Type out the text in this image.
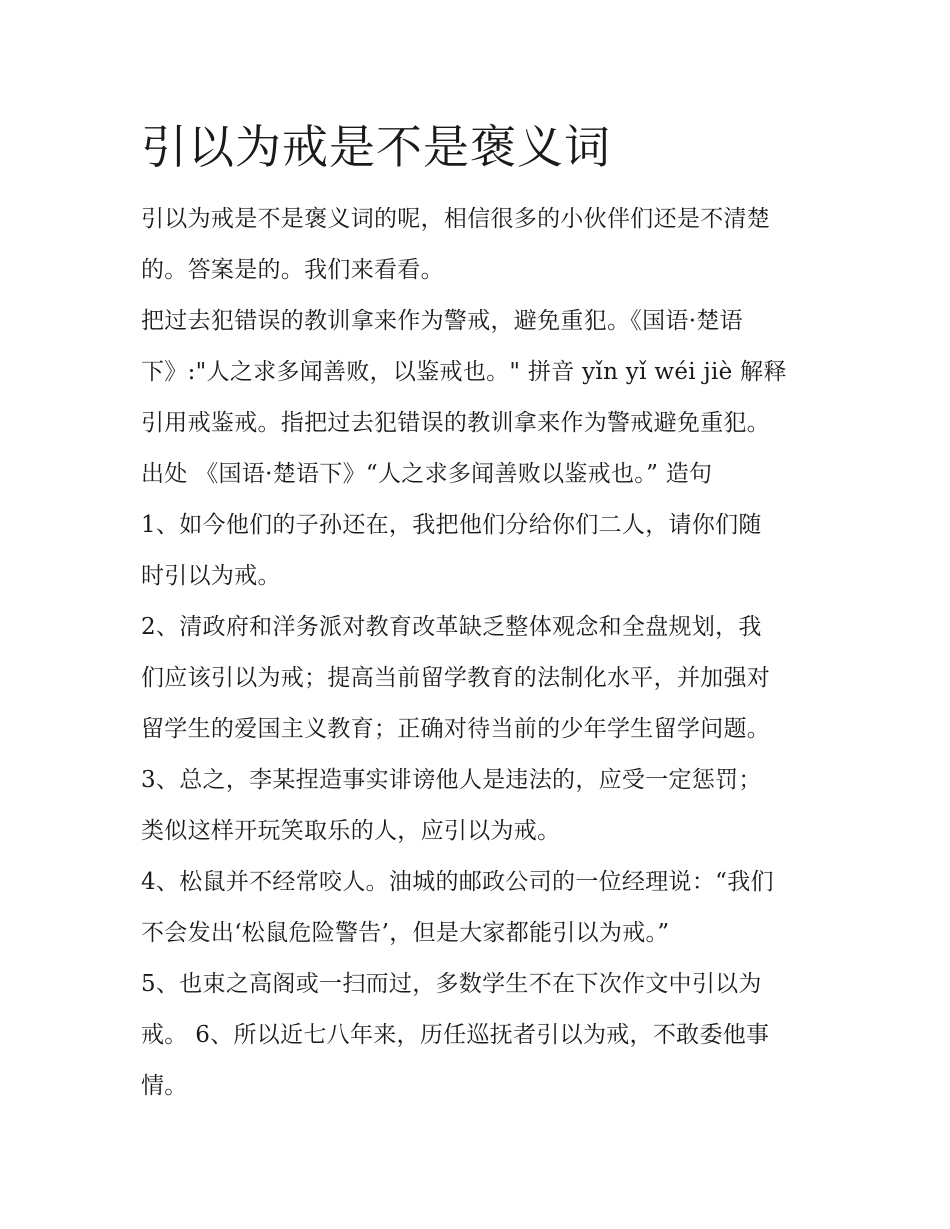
引以为戒是不是褒义词

引以为戒是不是褒义词的呢，相信很多的小伙伴们还是不清楚

的。答案是的。我们来看看。

把过去犯错误的教训拿来作为警戒，避免重犯。《国语·楚语

下》:"人之求多闻善败，以鉴戒也。" 拼音 yǐn yǐ wéi jiè 解释

引用戒鉴戒。指把过去犯错误的教训拿来作为警戒避免重犯。

出处 《国语·楚语下》“人之求多闻善败以鉴戒也。” 造句

1、如今他们的子孙还在，我把他们分给你们二人，请你们随

时引以为戒。

2、清政府和洋务派对教育改革缺乏整体观念和全盘规划，我

们应该引以为戒；提高当前留学教育的法制化水平，并加强对

留学生的爱国主义教育；正确对待当前的少年学生留学问题。

3、总之，李某捏造事实诽谤他人是违法的，应受一定惩罚；

类似这样开玩笑取乐的人，应引以为戒。

4、松鼠并不经常咬人。油城的邮政公司的一位经理说：“我们

不会发出‘松鼠危险警告’，但是大家都能引以为戒。”

5、也束之高阁或一扫而过，多数学生不在下次作文中引以为

戒。 6、所以近七八年来，历任巡抚者引以为戒，不敢委他事

情。
